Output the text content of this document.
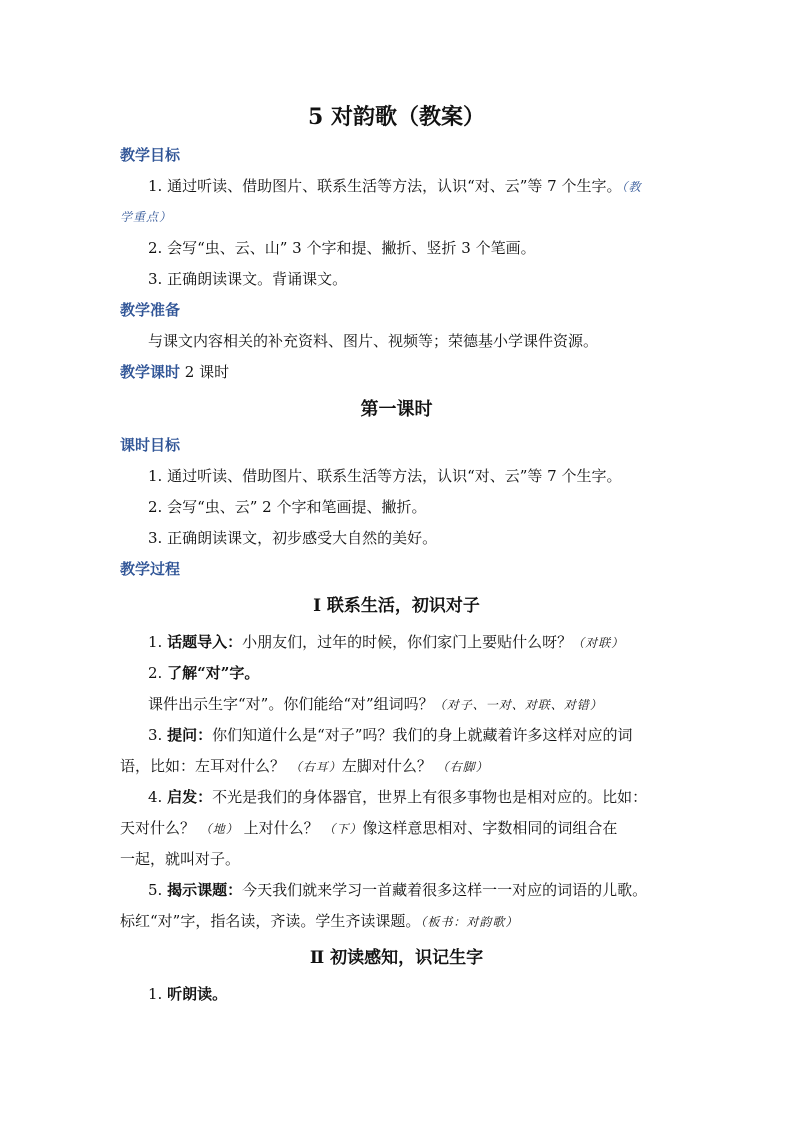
5 对韵歌（教案）
教学目标
1. 通过听读、借助图片、联系生活等方法，认识“对、云”等 7 个生字。（教
学重点）
2. 会写“虫、云、山” 3 个字和提、撇折、竖折 3 个笔画。
3. 正确朗读课文。背诵课文。
教学准备
与课文内容相关的补充资料、图片、视频等；荣德基小学课件资源。
教学课时 2 课时
第一课时
课时目标
1. 通过听读、借助图片、联系生活等方法，认识“对、云”等 7 个生字。
2. 会写“虫、云” 2 个字和笔画提、撇折。
3. 正确朗读课文，初步感受大自然的美好。
教学过程
Ⅰ 联系生活，初识对子
1. 话题导入：小朋友们，过年的时候，你们家门上要贴什么呀？（对联）
2. 了解“对”字。
课件出示生字“对”。你们能给“对”组词吗？（对子、一对、对联、对错）
3. 提问：你们知道什么是“对子”吗？我们的身上就藏着许多这样对应的词
语，比如：左耳对什么？ （右耳）左脚对什么？ （右脚）
4. 启发：不光是我们的身体器官，世界上有很多事物也是相对应的。比如：
天对什么？ （地） 上对什么？ （下）像这样意思相对、字数相同的词组合在
一起，就叫对子。
5. 揭示课题：今天我们就来学习一首藏着很多这样一一对应的词语的儿歌。
标红“对”字，指名读，齐读。学生齐读课题。（板书：对韵歌）
Ⅱ 初读感知，识记生字
1. 听朗读。
